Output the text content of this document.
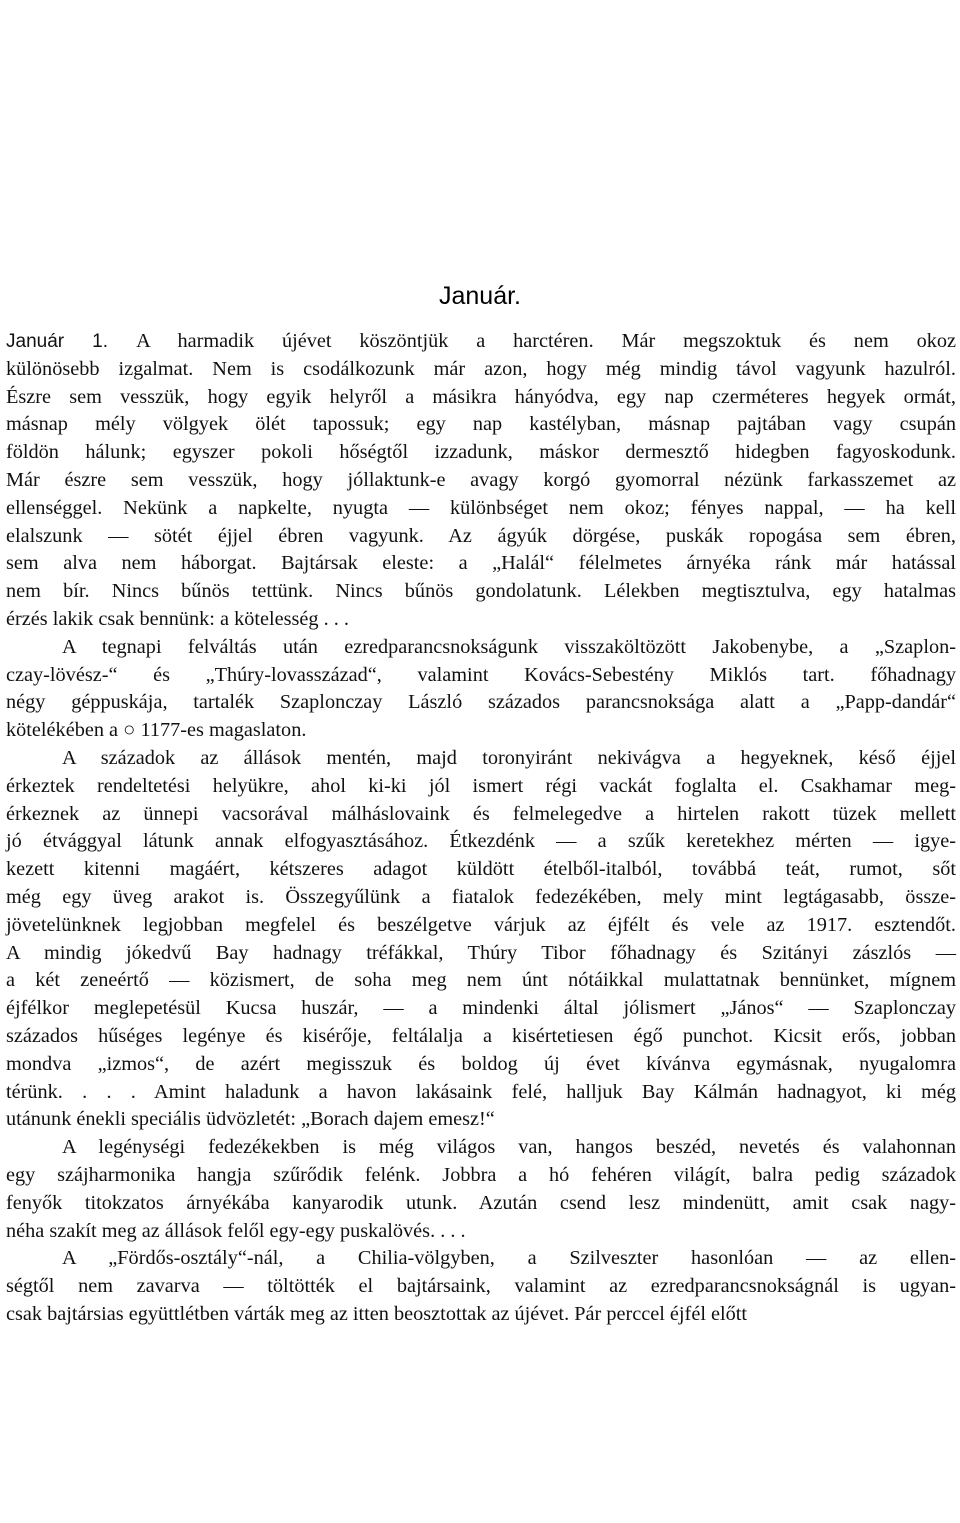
Január.
Január 1. A harmadik újévet köszöntjük a harctéren. Már megszoktuk és nem okoz
különösebb izgalmat. Nem is csodálkozunk már azon, hogy még mindig távol vagyunk hazulról.
Észre sem vesszük, hogy egyik helyről a másikra hányódva, egy nap czerméteres hegyek ormát,
másnap mély völgyek ölét tapossuk; egy nap kastélyban, másnap pajtában vagy csupán
földön hálunk; egyszer pokoli hőségtől izzadunk, máskor dermesztő hidegben fagyoskodunk.
Már észre sem vesszük, hogy jóllaktunk-e avagy korgó gyomorral nézünk farkasszemet az
ellenséggel. Nekünk a napkelte, nyugta — különbséget nem okoz; fényes nappal, — ha kell
elalszunk — sötét éjjel ébren vagyunk. Az ágyúk dörgése, puskák ropogása sem ébren,
sem alva nem háborgat. Bajtársak eleste: a „Halál“ félelmetes árnyéka ránk már hatással
nem bír. Nincs bűnös tettünk. Nincs bűnös gondolatunk. Lélekben megtisztulva, egy hatalmas
érzés lakik csak bennünk: a kötelesség . . .
A tegnapi felváltás után ezredparancsnokságunk visszaköltözött Jakobenybe, a „Szaplon-
czay-lövész-“ és „Thúry-lovasszázad“, valamint Kovács-Sebestény Miklós tart. főhadnagy
négy géppuskája, tartalék Szaplonczay László százados parancsnoksága alatt a „Papp-dandár“
kötelékében a ○ 1177-es magaslaton.
A századok az állások mentén, majd toronyiránt nekivágva a hegyeknek, késő éjjel
érkeztek rendeltetési helyükre, ahol ki-ki jól ismert régi vackát foglalta el. Csakhamar meg-
érkeznek az ünnepi vacsorával málháslovaink és felmelegedve a hirtelen rakott tüzek mellett
jó étvággyal látunk annak elfogyasztásához. Étkezdénk — a szűk keretekhez mérten — igye-
kezett kitenni magáért, kétszeres adagot küldött ételből-italból, továbbá teát, rumot, sőt
még egy üveg arakot is. Összegyűlünk a fiatalok fedezékében, mely mint legtágasabb, össze-
jövetelünknek legjobban megfelel és beszélgetve várjuk az éjfélt és vele az 1917. esztendőt.
A mindig jókedvű Bay hadnagy tréfákkal, Thúry Tibor főhadnagy és Szitányi zászlós —
a két zeneértő — közismert, de soha meg nem únt nótáikkal mulattatnak bennünket, mígnem
éjfélkor meglepetésül Kucsa huszár, — a mindenki által jólismert „János“ — Szaplonczay
százados hűséges legénye és kisérője, feltálalja a kisértetiesen égő punchot. Kicsit erős, jobban
mondva „izmos“, de azért megisszuk és boldog új évet kívánva egymásnak, nyugalomra
térünk. . . . Amint haladunk a havon lakásaink felé, halljuk Bay Kálmán hadnagyot, ki még
utánunk énekli speciális üdvözletét: „Borach dajem emesz!“
A legénységi fedezékekben is még világos van, hangos beszéd, nevetés és valahonnan
egy szájharmonika hangja szűrődik felénk. Jobbra a hó fehéren világít, balra pedig századok
fenyők titokzatos árnyékába kanyarodik utunk. Azután csend lesz mindenütt, amit csak nagy-
néha szakít meg az állások felől egy-egy puskalövés. . . .
A „Fördős-osztály“-nál, a Chilia-völgyben, a Szilveszter hasonlóan — az ellen-
ségtől nem zavarva — töltötték el bajtársaink, valamint az ezredparancsnokságnál is ugyan-
csak bajtársias együttlétben várták meg az itten beosztottak az újévet. Pár perccel éjfél előtt
